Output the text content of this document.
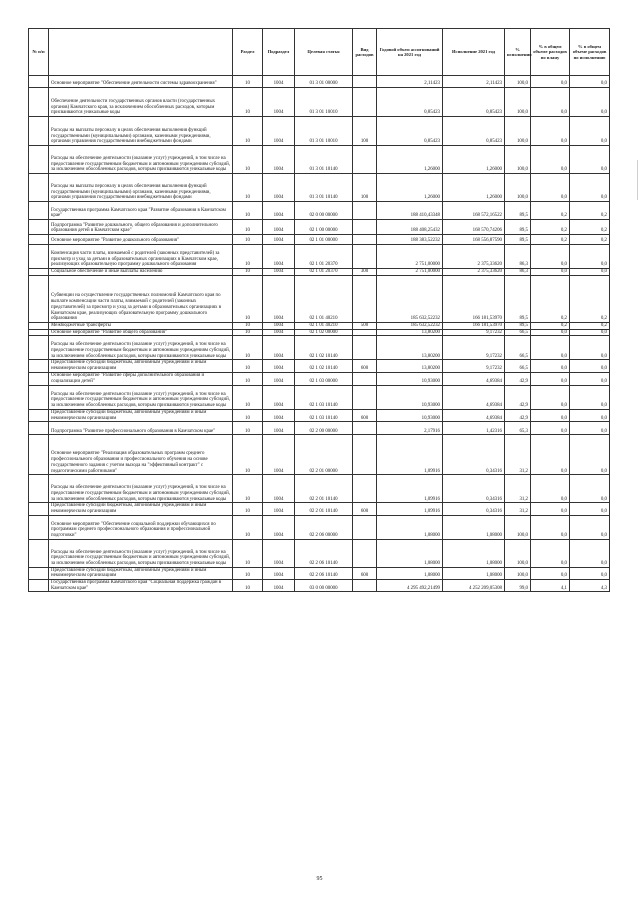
№ п/п		Раздел	Подраздел	Целевая статья	Вид расходов	Годовой объем ассигнований на 2021 год	Исполнение 2021 год	% исполнения	% в общем объеме расходов по плану	% в общем объеме расходов по исполнению
	Основное мероприятие "Обеспечение деятельности системы здравоохранения"	10	1004	01 3 01 00000		2,11423	2,11423	100,0	0,0	0,0
	Обеспечение деятельности государственных органов власти (государственных органов) Камчатского края, за исключением обособленных расходов, которым присваиваются уникальные коды	10	1004	01 3 01 10010		0,85423	0,85423	100,0	0,0	0,0
	Расходы на выплаты персоналу в целях обеспечения выполнения функций государственными (муниципальными) органами, казенными учреждениями, органами управления государственными внебюджетными фондами	10	1004	01 3 01 10010	100	0,85423	0,85423	100,0	0,0	0,0
	Расходы на обеспечение деятельности (оказание услуг) учреждений, в том числе на предоставление государственным бюджетным и автономным учреждениям субсидий, за исключением обособленных расходов, которым присваиваются уникальные коды	10	1004	01 3 01 10140		1,26000	1,26000	100,0	0,0	0,0
	Расходы на выплаты персоналу в целях обеспечения выполнения функций государственными (муниципальными) органами, казенными учреждениями, органами управления государственными внебюджетными фондами	10	1004	01 3 01 10140	100	1,26000	1,26000	100,0	0,0	0,0
	Государственная программа Камчатского края "Развитие образования в Камчатском крае"	10	1004	02 0 00 00000		188 410,43348	168 572,16522	89,5	0,2	0,2
	Подпрограмма "Развитие дошкольного, общего образования и дополнительного образования детей в Камчатском крае"	10	1004	02 1 00 00000		188 408,25432	168 570,74206	89,5	0,2	0,2
	Основное мероприятие "Развитие дошкольного образования"	10	1004	02 1 01 00000		188 383,52232	168 556,87590	89,5	0,2	0,2
	Компенсация части платы, взимаемой с родителей (законных представителей) за присмотр и уход за детьми в образовательных организациях в Камчатском крае, реализующих образовательную программу дошкольного образования	10	1004	02 1 01 20370		2 751,00000	2 375,33620	86,3	0,0	0,0
	Социальное обеспечение и иные выплаты населению	10	1004	02 1 01 20370	300	2 751,00000	2 375,33620	86,3	0,0	0,0
	Субвенции на осуществление государственных полномочий Камчатского края по выплате компенсации части платы, взимаемой с родителей (законных представителей) за присмотр и уход за детьми в образовательных организациях в Камчатском крае, реализующих образовательную программу дошкольного образования	10	1004	02 1 01 40210		185 632,52232	166 181,53970	89,5	0,2	0,2
	Межбюджетные трансферты	10	1004	02 1 01 40210	500	185 632,52232	166 181,53970	89,5	0,2	0,2
	Основное мероприятие "Развитие общего образования"	10	1004	02 1 02 00000		13,80200	9,17232	66,5	0,0	0,0
	Расходы на обеспечение деятельности (оказание услуг) учреждений, в том числе на предоставление государственным бюджетным и автономным учреждениям субсидий, за исключением обособленных расходов, которым присваиваются уникальные коды	10	1004	02 1 02 10140		13,80200	9,17232	66,5	0,0	0,0
	Предоставление субсидий бюджетным, автономным учреждениям и иным некоммерческим организациям	10	1004	02 1 02 10140	600	13,80200	9,17232	66,5	0,0	0,0
	Основное мероприятие "Развитие сферы дополнительного образования и социализации детей"	10	1004	02 1 03 00000		10,93000	4,69384	42,9	0,0	0,0
	Расходы на обеспечение деятельности (оказание услуг) учреждений, в том числе на предоставление государственным бюджетным и автономным учреждениям субсидий, за исключением обособленных расходов, которым присваиваются уникальные коды	10	1004	02 1 03 10140		10,93000	4,69384	42,9	0,0	0,0
	Предоставление субсидий бюджетным, автономным учреждениям и иным некоммерческим организациям	10	1004	02 1 03 10140	600	10,93000	4,69384	42,9	0,0	0,0
	Подпрограмма "Развитие профессионального образования в Камчатском крае"	10	1004	02 2 00 00000		2,17916	1,42316	65,3	0,0	0,0
	Основное мероприятие "Реализация образовательных программ среднего профессионального образования и профессионального обучения на основе государственного задания с учетом выхода на "эффективный контракт" с педагогическими работниками"	10	1004	02 2 01 00000		1,09916	0,34316	31,2	0,0	0,0
	Расходы на обеспечение деятельности (оказание услуг) учреждений, в том числе на предоставление государственным бюджетным и автономным учреждениям субсидий, за исключением обособленных расходов, которым присваиваются уникальные коды	10	1004	02 2 01 10140		1,09916	0,34316	31,2	0,0	0,0
	Предоставление субсидий бюджетным, автономным учреждениям и иным некоммерческим организациям	10	1004	02 2 01 10140	600	1,09916	0,34316	31,2	0,0	0,0
	Основное мероприятие "Обеспечение социальной поддержки обучающихся по программам среднего профессионального образования и профессиональной подготовки"	10	1004	02 2 06 00000		1,08000	1,08000	100,0	0,0	0,0
	Расходы на обеспечение деятельности (оказание услуг) учреждений, в том числе на предоставление государственным бюджетным и автономным учреждениям субсидий, за исключением обособленных расходов, которым присваиваются уникальные коды	10	1004	02 2 06 10140		1,08000	1,08000	100,0	0,0	0,0
	Предоставление субсидий бюджетным, автономным учреждениям и иным некоммерческим организациям	10	1004	02 2 06 10140	600	1,08000	1,08000	100,0	0,0	0,0
	Государственная программа Камчатского края "Социальная поддержка граждан в Камчатском крае"	10	1004	03 0 00 00000		4 295 492,21499	4 252 209,05308	99,0	4,1	4,3
95
